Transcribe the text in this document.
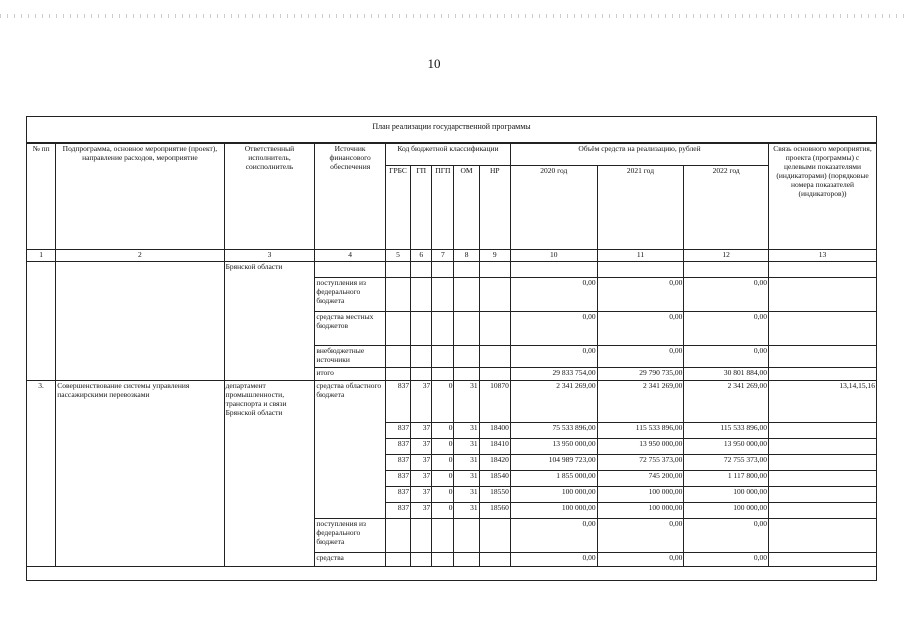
10
План реализации государственной программы
№ пп	Подпрограмма, основное мероприятие (проект), направление расходов, мероприятие	Ответственный исполнитель, соисполнитель	Источник финансового обеспечения	Код бюджетной классификации					Объём средств на реализацию, рублей			Связь основного мероприятия, проекта (программы) с целевыми показателями (индикаторами) (порядковые номера показателей (индикаторов))
				ГРБС	ГП	ПГП	ОМ	НР	2020 год	2021 год	2022 год	
1	2	3	4	5	6	7	8	9	10	11	12	13
		Брянской области										
			поступления из федерального бюджета						0,00	0,00	0,00	
			средства местных бюджетов						0,00	0,00	0,00	
			внебюджетные источники						0,00	0,00	0,00	
			итого						29 833 754,00	29 790 735,00	30 801 884,00	
3.	Совершенствование системы управления пассажирскими перевозками	департамент промышленности, транспорта и связи Брянской области	средства областного бюджета	837	37	0	31	10870	2 341 269,00	2 341 269,00	2 341 269,00	13,14,15,16
				837	37	0	31	18400	75 533 896,00	115 533 896,00	115 533 896,00	
				837	37	0	31	18410	13 950 000,00	13 950 000,00	13 950 000,00	
				837	37	0	31	18420	104 989 723,00	72 755 373,00	72 755 373,00	
				837	37	0	31	18540	1 855 000,00	745 200,00	1 117 800,00	
				837	37	0	31	18550	100 000,00	100 000,00	100 000,00	
				837	37	0	31	18560	100 000,00	100 000,00	100 000,00	
			поступления из федерального бюджета						0,00	0,00	0,00	
			средства						0,00	0,00	0,00	
